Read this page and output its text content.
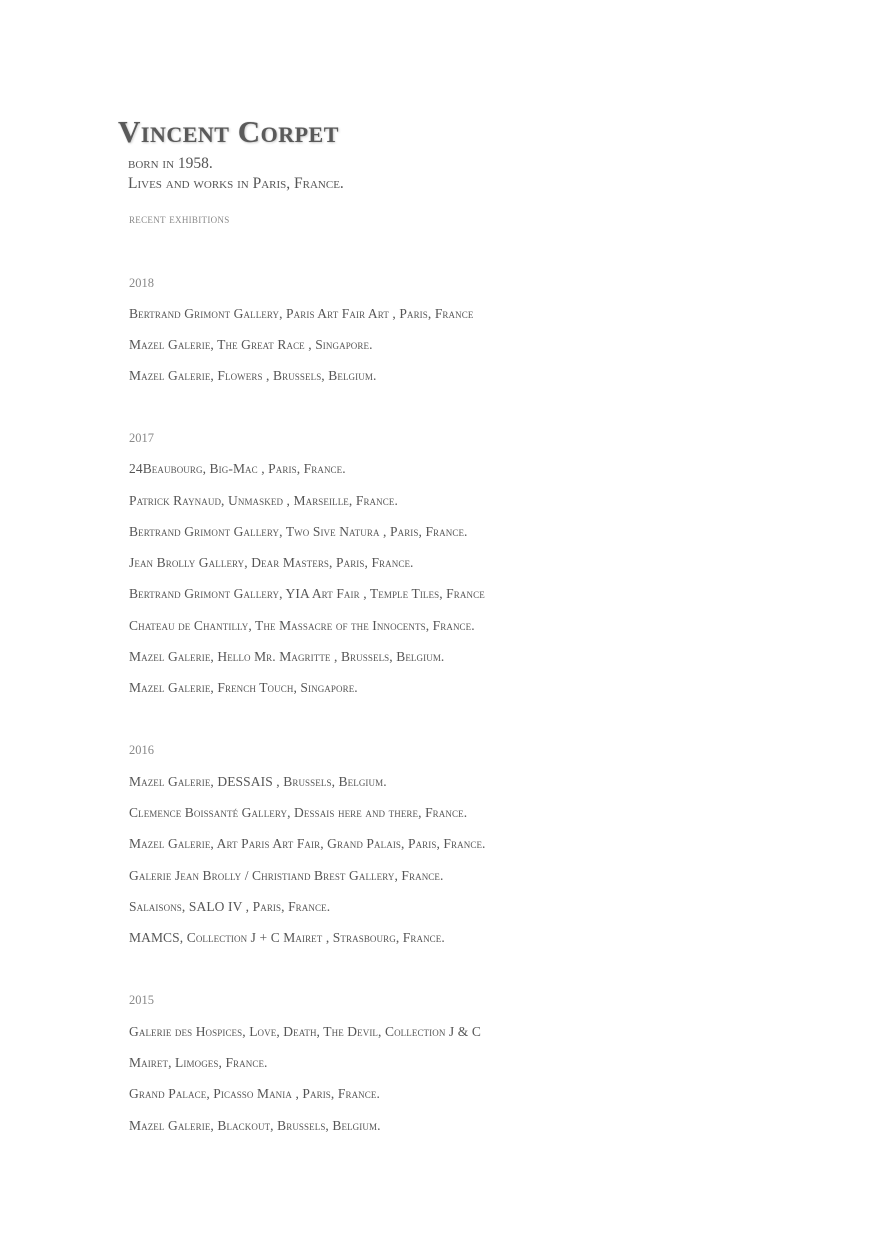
Vincent Corpet
born in 1958.
Lives and works in Paris, France.
recent exhibitions
2018
Bertrand Grimont Gallery, Paris Art Fair Art , Paris, France
Mazel Galerie, The Great Race , Singapore.
Mazel Galerie, Flowers , Brussels, Belgium.
2017
24Beaubourg, Big-Mac , Paris, France.
Patrick Raynaud, Unmasked , Marseille, France.
Bertrand Grimont Gallery, Two Sive Natura , Paris, France.
Jean Brolly Gallery, Dear Masters, Paris, France.
Bertrand Grimont Gallery, YIA Art Fair , Temple Tiles, France
Chateau de Chantilly, The Massacre of the Innocents, France.
Mazel Galerie, Hello Mr. Magritte , Brussels, Belgium.
Mazel Galerie, French Touch, Singapore.
2016
Mazel Galerie, DESSAIS , Brussels, Belgium.
Clemence Boissanté Gallery, Dessais here and there, France.
Mazel Galerie, Art Paris Art Fair, Grand Palais, Paris, France.
Galerie Jean Brolly / Christiand Brest Gallery, France.
Salaisons, SALO IV , Paris, France.
MAMCS, Collection J + C Mairet , Strasbourg, France.
2015
Galerie des Hospices, Love, Death, The Devil, Collection J & C
Mairet, Limoges, France.
Grand Palace, Picasso Mania , Paris, France.
Mazel Galerie, Blackout, Brussels, Belgium.
